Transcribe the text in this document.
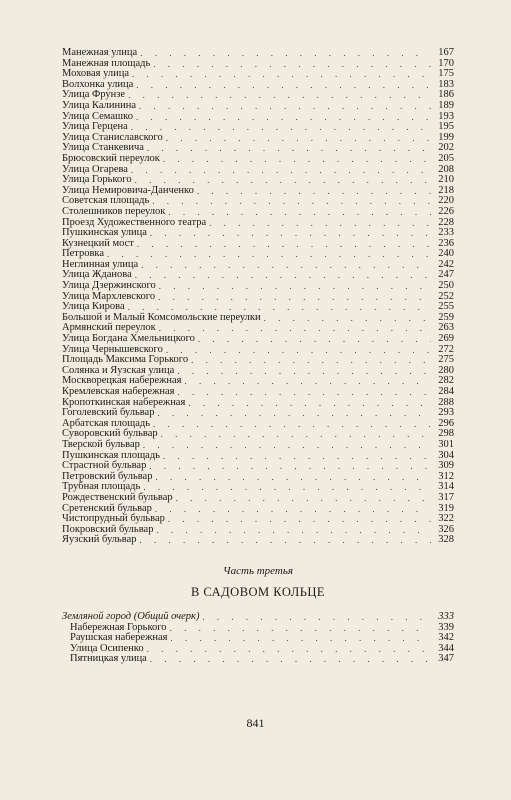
Манежная улица . . .	167
Манежная площадь . . .	170
Моховая улица . . .	175
Волхонка улица . . .	183
Улица Фрунзе . . .	186
Улица Калинина . . .	189
Улица Семашко . . .	193
Улица Герцена . . .	195
Улица Станиславского . . .	199
Улица Станкевича . . .	202
Брюсовский переулок . . .	205
Улица Огарева . . .	208
Улица Горького . . .	210
Улица Немировича-Данченко . . .	218
Советская площадь . . .	220
Столешников переулок . . .	226
Проезд Художественного театра . . .	228
Пушкинская улица . . .	233
Кузнецкий мост . . .	236
Петровка . . .	240
Неглинная улица . . .	242
Улица Жданова . . .	247
Улица Дзержинского . . .	250
Улица Мархлевского . . .	252
Улица Кирова . . .	255
Большой и Малый Комсомольские переулки . . .	259
Армянский переулок . . .	263
Улица Богдана Хмельницкого . . .	269
Улица Чернышевского . . .	272
Площадь Максима Горького . . .	275
Солянка и Яузская улица . . .	280
Москворецкая набережная . . .	282
Кремлевская набережная . . .	284
Кропоткинская набережная . . .	288
Гоголевский бульвар . . .	293
Арбатская площадь . . .	296
Суворовский бульвар . . .	298
Тверской бульвар . . .	301
Пушкинская площадь . . .	304
Страстной бульвар . . .	309
Петровский бульвар . . .	312
Трубная площадь . . .	314
Рождественский бульвар . . .	317
Сретенский бульвар . . .	319
Чистопрудный бульвар . . .	322
Покровский бульвар . . .	326
Яузский бульвар . . .	328
Часть третья
В САДОВОМ КОЛЬЦЕ
Земляной город (Общий очерк) . . .	333
Набережная Горького . . .	339
Раушская набережная . . .	342
Улица Осипенко . . .	344
Пятницкая улица . . .	347
841
